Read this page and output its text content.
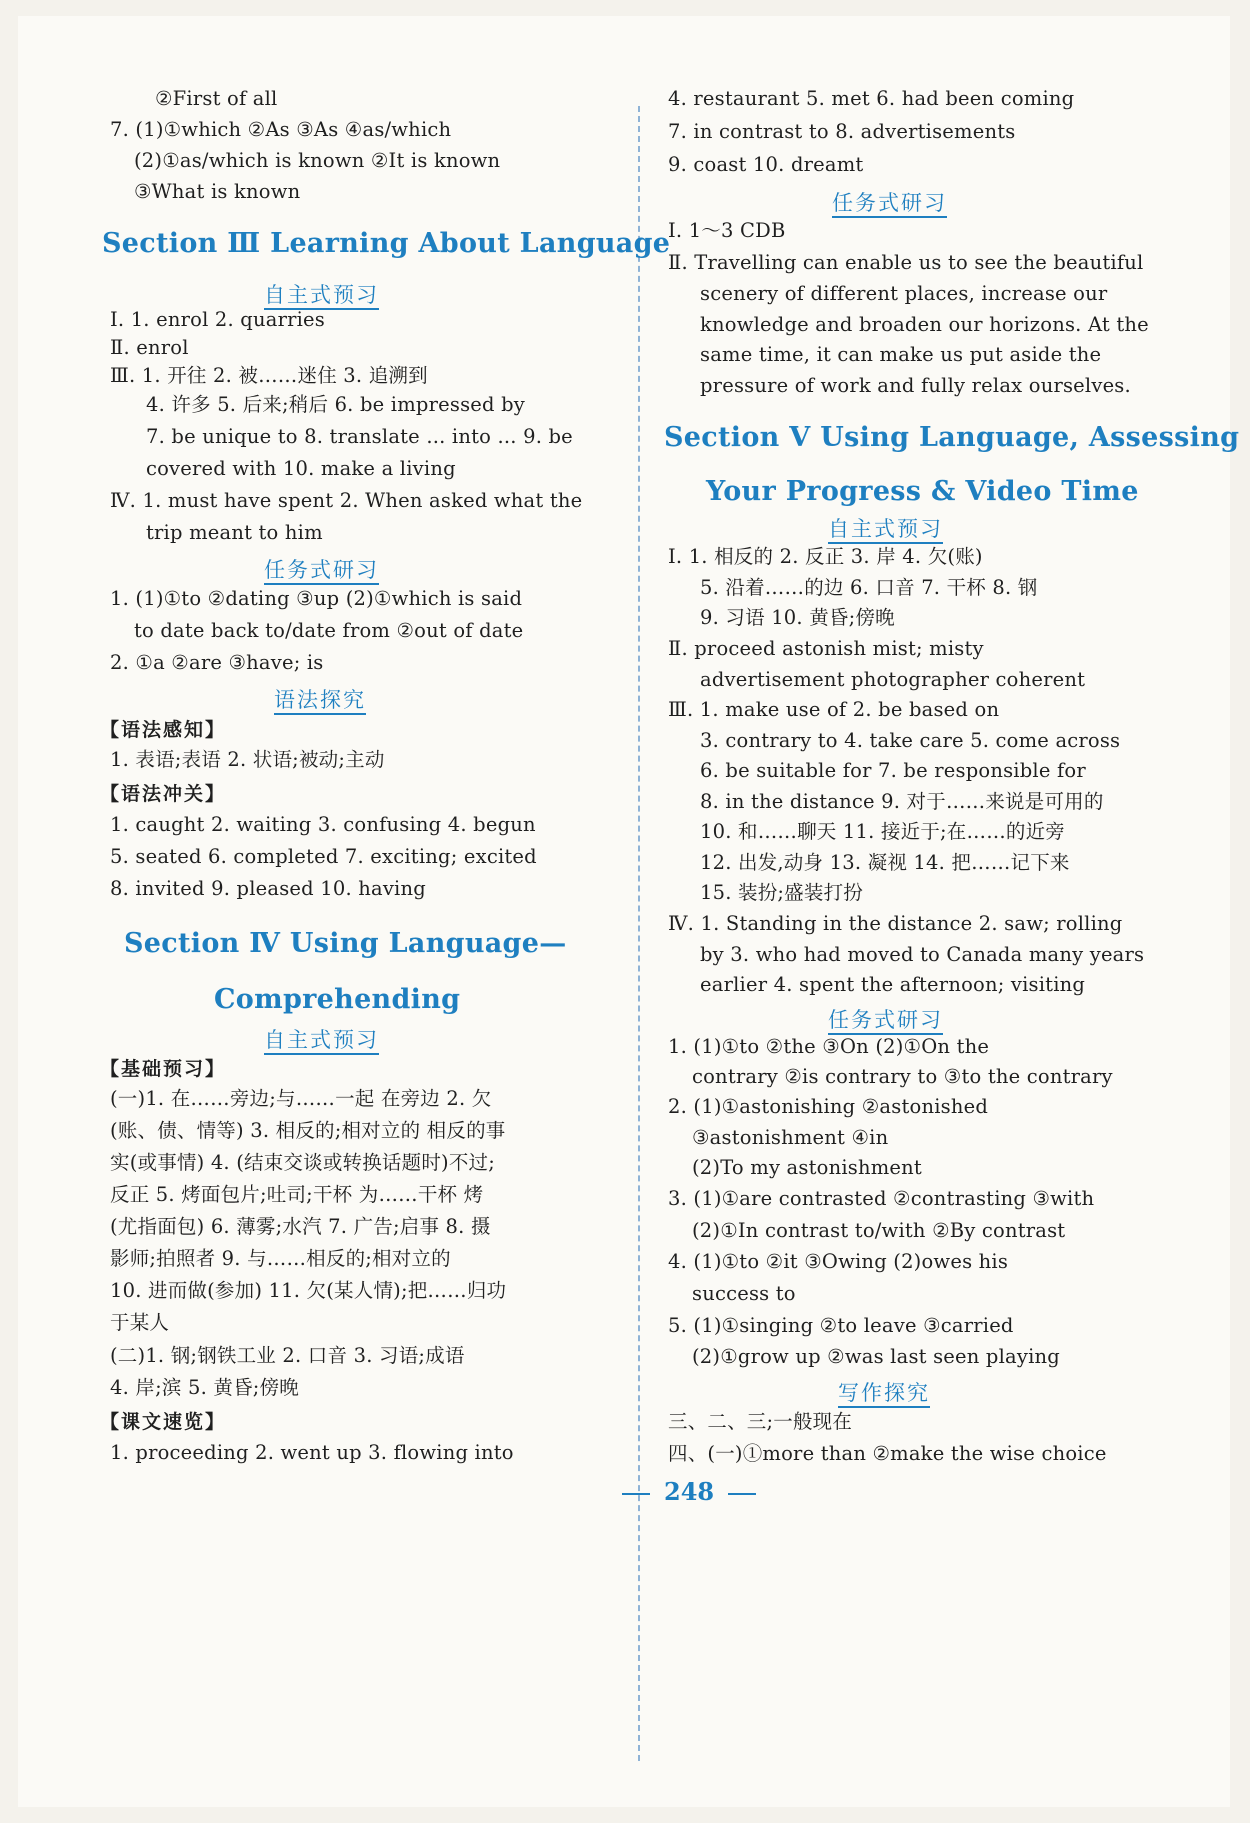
②First of all
7. (1)①which ②As ③As ④as/which
(2)①as/which is known ②It is known
③What is known
Section Ⅲ Learning About Language
自主式预习
Ⅰ. 1. enrol 2. quarries
Ⅱ. enrol
Ⅲ. 1. 开往 2. 被……迷住 3. 追溯到
4. 许多 5. 后来;稍后 6. be impressed by
7. be unique to 8. translate ... into ... 9. be
covered with 10. make a living
Ⅳ. 1. must have spent 2. When asked what the
trip meant to him
任务式研习
1. (1)①to ②dating ③up (2)①which is said
to date back to/date from ②out of date
2. ①a ②are ③have; is
语法探究
【语法感知】
1. 表语;表语 2. 状语;被动;主动
【语法冲关】
1. caught 2. waiting 3. confusing 4. begun
5. seated 6. completed 7. exciting; excited
8. invited 9. pleased 10. having
Section Ⅳ Using Language—
Comprehending
自主式预习
【基础预习】
(一)1. 在……旁边;与……一起 在旁边 2. 欠
(账、债、情等) 3. 相反的;相对立的 相反的事
实(或事情) 4. (结束交谈或转换话题时)不过;
反正 5. 烤面包片;吐司;干杯 为……干杯 烤
(尤指面包) 6. 薄雾;水汽 7. 广告;启事 8. 摄
影师;拍照者 9. 与……相反的;相对立的
10. 进而做(参加) 11. 欠(某人情);把……归功
于某人
(二)1. 钢;钢铁工业 2. 口音 3. 习语;成语
4. 岸;滨 5. 黄昏;傍晚
【课文速览】
1. proceeding 2. went up 3. flowing into
4. restaurant 5. met 6. had been coming
7. in contrast to 8. advertisements
9. coast 10. dreamt
任务式研习
Ⅰ. 1～3 CDB
Ⅱ. Travelling can enable us to see the beautiful
scenery of different places, increase our
knowledge and broaden our horizons. At the
same time, it can make us put aside the
pressure of work and fully relax ourselves.
Section Ⅴ Using Language, Assessing
Your Progress & Video Time
自主式预习
Ⅰ. 1. 相反的 2. 反正 3. 岸 4. 欠(账)
5. 沿着……的边 6. 口音 7. 干杯 8. 钢
9. 习语 10. 黄昏;傍晚
Ⅱ. proceed astonish mist; misty
advertisement photographer coherent
Ⅲ. 1. make use of 2. be based on
3. contrary to 4. take care 5. come across
6. be suitable for 7. be responsible for
8. in the distance 9. 对于……来说是可用的
10. 和……聊天 11. 接近于;在……的近旁
12. 出发,动身 13. 凝视 14. 把……记下来
15. 装扮;盛装打扮
Ⅳ. 1. Standing in the distance 2. saw; rolling
by 3. who had moved to Canada many years
earlier 4. spent the afternoon; visiting
任务式研习
1. (1)①to ②the ③On (2)①On the
contrary ②is contrary to ③to the contrary
2. (1)①astonishing ②astonished
③astonishment ④in
(2)To my astonishment
3. (1)①are contrasted ②contrasting ③with
(2)①In contrast to/with ②By contrast
4. (1)①to ②it ③Owing (2)owes his
success to
5. (1)①singing ②to leave ③carried
(2)①grow up ②was last seen playing
写作探究
三、二、三;一般现在
四、(一)①more than ②make the wise choice
248
